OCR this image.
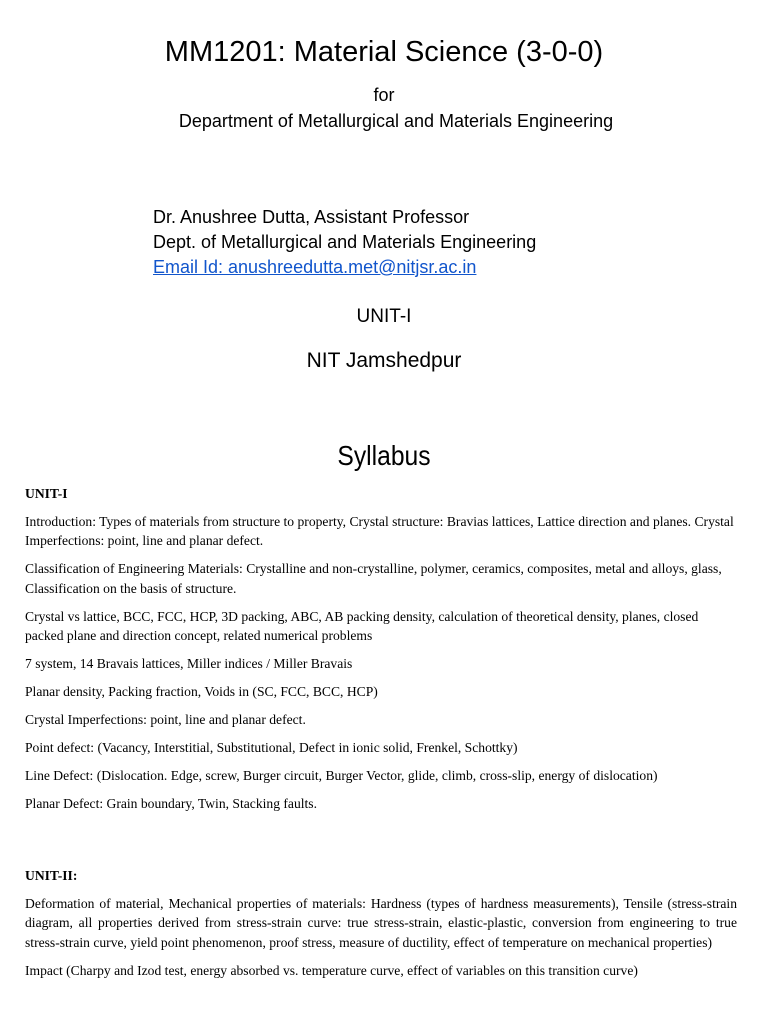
MM1201: Material Science (3-0-0)
for
Department of Metallurgical and Materials Engineering
Dr. Anushree Dutta, Assistant Professor
Dept. of Metallurgical and Materials Engineering
Email Id: anushreedutta.met@nitjsr.ac.in
UNIT-I
NIT Jamshedpur
Syllabus
UNIT-I
Introduction: Types of materials from structure to property, Crystal structure: Bravias lattices, Lattice direction and planes. Crystal Imperfections: point, line and planar defect.
Classification of Engineering Materials: Crystalline and non-crystalline, polymer, ceramics, composites, metal and alloys, glass, Classification on the basis of structure.
Crystal vs lattice, BCC, FCC, HCP, 3D packing, ABC, AB packing density, calculation of theoretical density, planes, closed packed plane and direction concept, related numerical problems
7 system, 14 Bravais lattices, Miller indices / Miller Bravais
Planar density, Packing fraction, Voids in (SC, FCC, BCC, HCP)
Crystal Imperfections: point, line and planar defect.
Point defect: (Vacancy, Interstitial, Substitutional, Defect in ionic solid, Frenkel, Schottky)
Line Defect: (Dislocation. Edge, screw, Burger circuit, Burger Vector, glide, climb, cross-slip, energy of dislocation)
Planar Defect: Grain boundary, Twin, Stacking faults.
UNIT-II:
Deformation of material, Mechanical properties of materials: Hardness (types of hardness measurements), Tensile (stress-strain diagram, all properties derived from stress-strain curve: true stress-strain, elastic-plastic, conversion from engineering to true stress-strain curve, yield point phenomenon, proof stress, measure of ductility, effect of temperature on mechanical properties)
Impact (Charpy and Izod test, energy absorbed vs. temperature curve, effect of variables on this transition curve)
